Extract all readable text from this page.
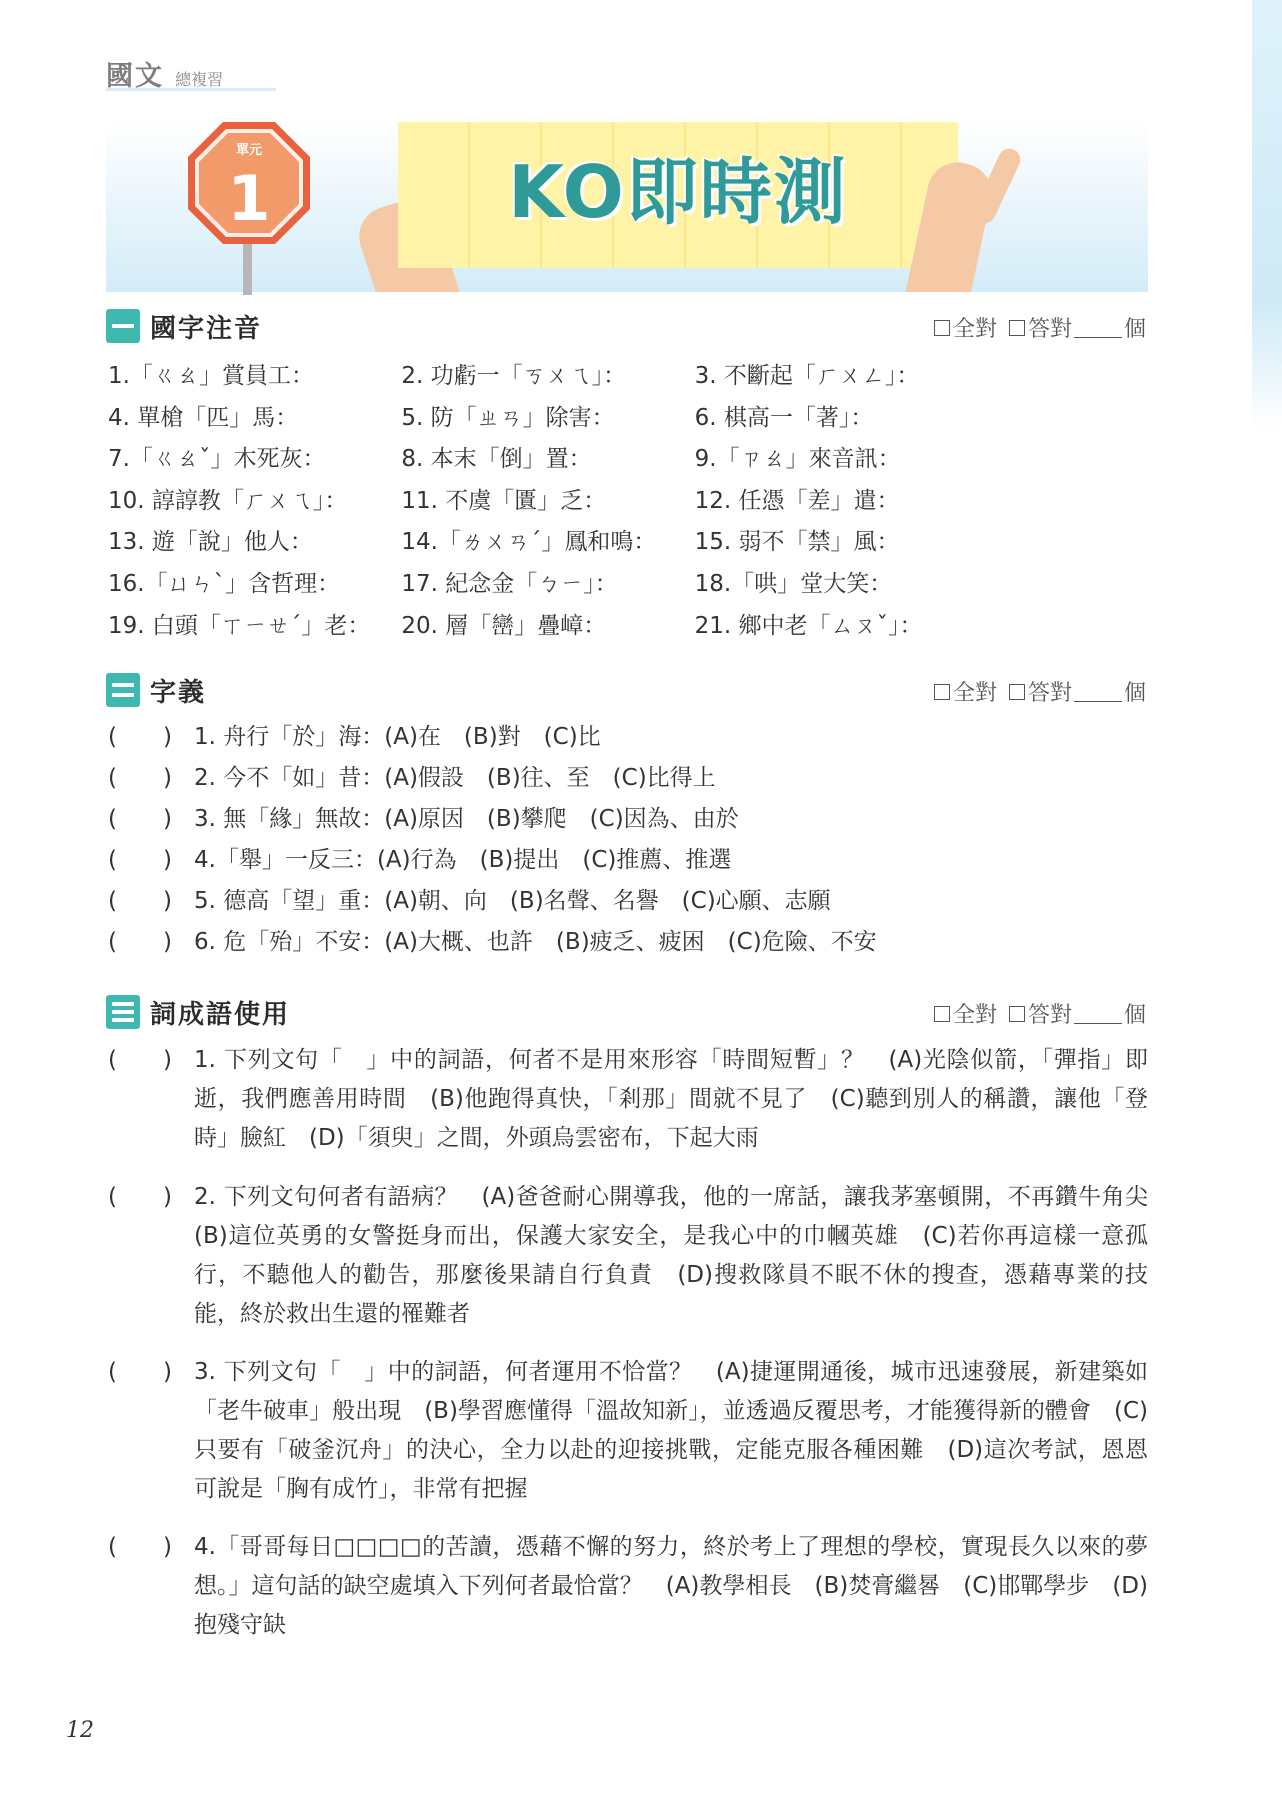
國文 總複習
KO即時測
單元
1
國字注音	全對 答對 個
1.「ㄍㄠ」賞員工：	2. 功虧一「ㄎㄨㄟ」：	3. 不斷起「ㄏㄨㄥ」：
4. 單槍「匹」馬：	5. 防「ㄓㄢ」除害：	6. 棋高一「著」：
7.「ㄍㄠˇ」木死灰：	8. 本末「倒」置：	9.「ㄗㄠ」來音訊：
10. 諄諄教「ㄏㄨㄟ」：	11. 不虞「匱」乏：	12. 任憑「差」遣：
13. 遊「說」他人：	14.「ㄌㄨㄢˊ」鳳和鳴：	15. 弱不「禁」風：
16.「ㄩㄣˋ」含哲理：	17. 紀念金「ㄅㄧ」：	18.「哄」堂大笑：
19. 白頭「ㄒㄧㄝˊ」老：	20. 層「巒」疊嶂：	21. 鄉中老「ㄙㄡˇ」：
字義	全對 答對 個
(　　) 1. 舟行「於」海：(A)在　(B)對　(C)比
(　　) 2. 今不「如」昔：(A)假設　(B)往、至　(C)比得上
(　　) 3. 無「緣」無故：(A)原因　(B)攀爬　(C)因為、由於
(　　) 4.「舉」一反三：(A)行為　(B)提出　(C)推薦、推選
(　　) 5. 德高「望」重：(A)朝、向　(B)名聲、名譽　(C)心願、志願
(　　) 6. 危「殆」不安：(A)大概、也許　(B)疲乏、疲困　(C)危險、不安
詞成語使用	全對 答對 個
(　　) 1. 下列文句「　」中的詞語，何者不是用來形容「時間短暫」？　(A)光陰似箭，「彈指」即逝，我們應善用時間　(B)他跑得真快，「剎那」間就不見了　(C)聽到別人的稱讚，讓他「登時」臉紅　(D)「須臾」之間，外頭烏雲密布，下起大雨
(　　) 2. 下列文句何者有語病？　(A)爸爸耐心開導我，他的一席話，讓我茅塞頓開，不再鑽牛角尖　(B)這位英勇的女警挺身而出，保護大家安全，是我心中的巾幗英雄　(C)若你再這樣一意孤行，不聽他人的勸告，那麼後果請自行負責　(D)搜救隊員不眠不休的搜查，憑藉專業的技能，終於救出生還的罹難者
(　　) 3. 下列文句「　」中的詞語，何者運用不恰當？　(A)捷運開通後，城市迅速發展，新建築如「老牛破車」般出現　(B)學習應懂得「溫故知新」，並透過反覆思考，才能獲得新的體會　(C)只要有「破釜沉舟」的決心，全力以赴的迎接挑戰，定能克服各種困難　(D)這次考試，恩恩可說是「胸有成竹」，非常有把握
(　　) 4.「哥哥每日□□□□的苦讀，憑藉不懈的努力，終於考上了理想的學校，實現長久以來的夢想。」這句話的缺空處填入下列何者最恰當？　(A)教學相長　(B)焚膏繼晷　(C)邯鄲學步　(D)抱殘守缺
12
